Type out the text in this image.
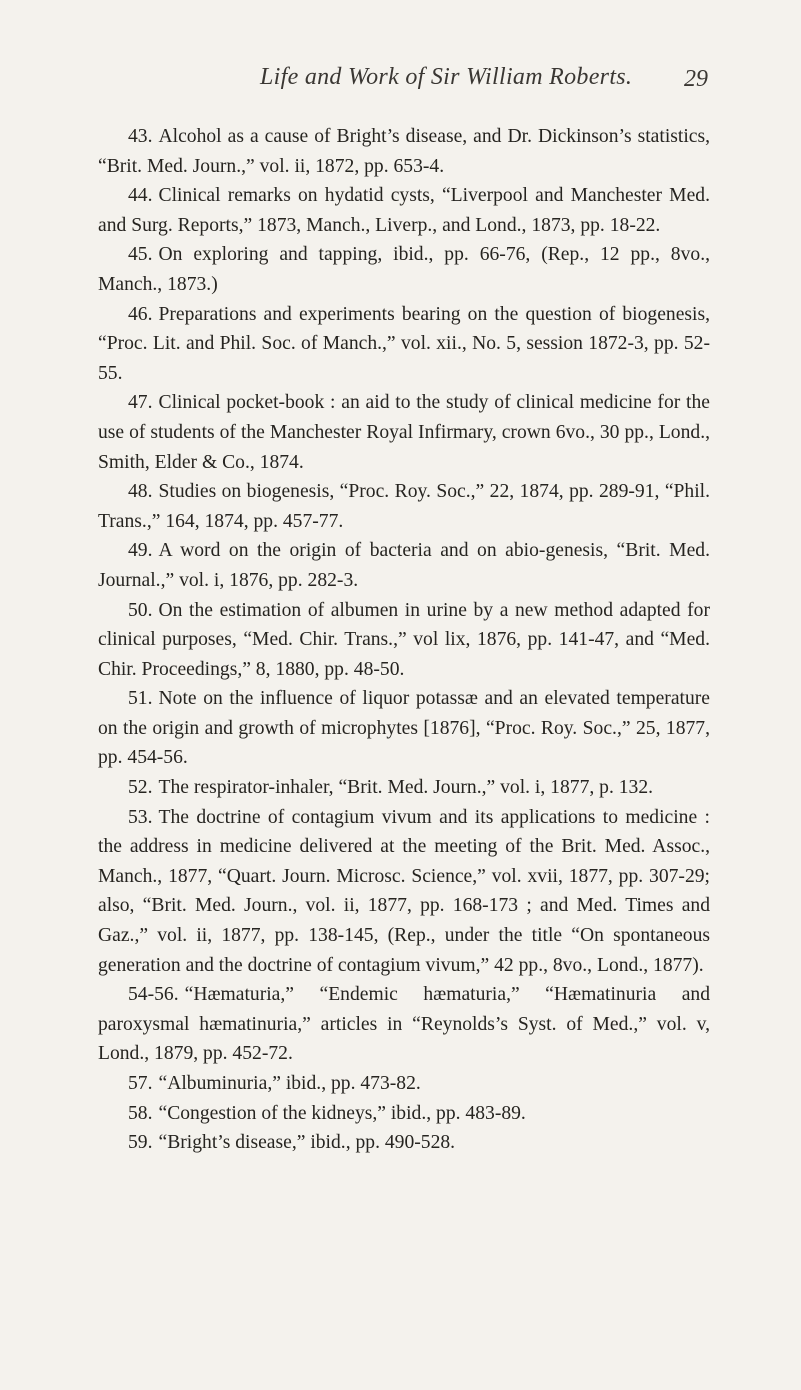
Life and Work of Sir William Roberts.	29

43. Alcohol as a cause of Bright’s disease, and Dr. Dickinson’s statistics, “Brit. Med. Journ.,” vol. ii, 1872, pp. 653-4.

44. Clinical remarks on hydatid cysts, “Liverpool and Manchester Med. and Surg. Reports,” 1873, Manch., Liverp., and Lond., 1873, pp. 18-22.

45. On exploring and tapping, ibid., pp. 66-76, (Rep., 12 pp., 8vo., Manch., 1873.)

46. Preparations and experiments bearing on the question of biogenesis, “Proc. Lit. and Phil. Soc. of Manch.,” vol. xii., No. 5, session 1872-3, pp. 52-55.

47. Clinical pocket-book : an aid to the study of clinical medicine for the use of students of the Manchester Royal Infirmary, crown 6vo., 30 pp., Lond., Smith, Elder & Co., 1874.

48. Studies on biogenesis, “Proc. Roy. Soc.,” 22, 1874, pp. 289-91, “Phil. Trans.,” 164, 1874, pp. 457-77.

49. A word on the origin of bacteria and on abio-genesis, “Brit. Med. Journal.,” vol. i, 1876, pp. 282-3.

50. On the estimation of albumen in urine by a new method adapted for clinical purposes, “Med. Chir. Trans.,” vol lix, 1876, pp. 141-47, and “Med. Chir. Proceedings,” 8, 1880, pp. 48-50.

51. Note on the influence of liquor potassæ and an elevated temperature on the origin and growth of microphytes [1876], “Proc. Roy. Soc.,” 25, 1877, pp. 454-56.

52. The respirator-inhaler, “Brit. Med. Journ.,” vol. i, 1877, p. 132.

53. The doctrine of contagium vivum and its applications to medicine : the address in medicine delivered at the meeting of the Brit. Med. Assoc., Manch., 1877, “Quart. Journ. Microsc. Science,” vol. xvii, 1877, pp. 307-29; also, “Brit. Med. Journ., vol. ii, 1877, pp. 168-173 ; and Med. Times and Gaz.,” vol. ii, 1877, pp. 138-145, (Rep., under the title “On spontaneous generation and the doctrine of contagium vivum,” 42 pp., 8vo., Lond., 1877).

54-56. “Hæmaturia,” “Endemic hæmaturia,” “Hæmatinuria and paroxysmal hæmatinuria,” articles in “Reynolds’s Syst. of Med.,” vol. v, Lond., 1879, pp. 452-72.

57. “Albuminuria,” ibid., pp. 473-82.

58. “Congestion of the kidneys,” ibid., pp. 483-89.

59. “Bright’s disease,” ibid., pp. 490-528.
